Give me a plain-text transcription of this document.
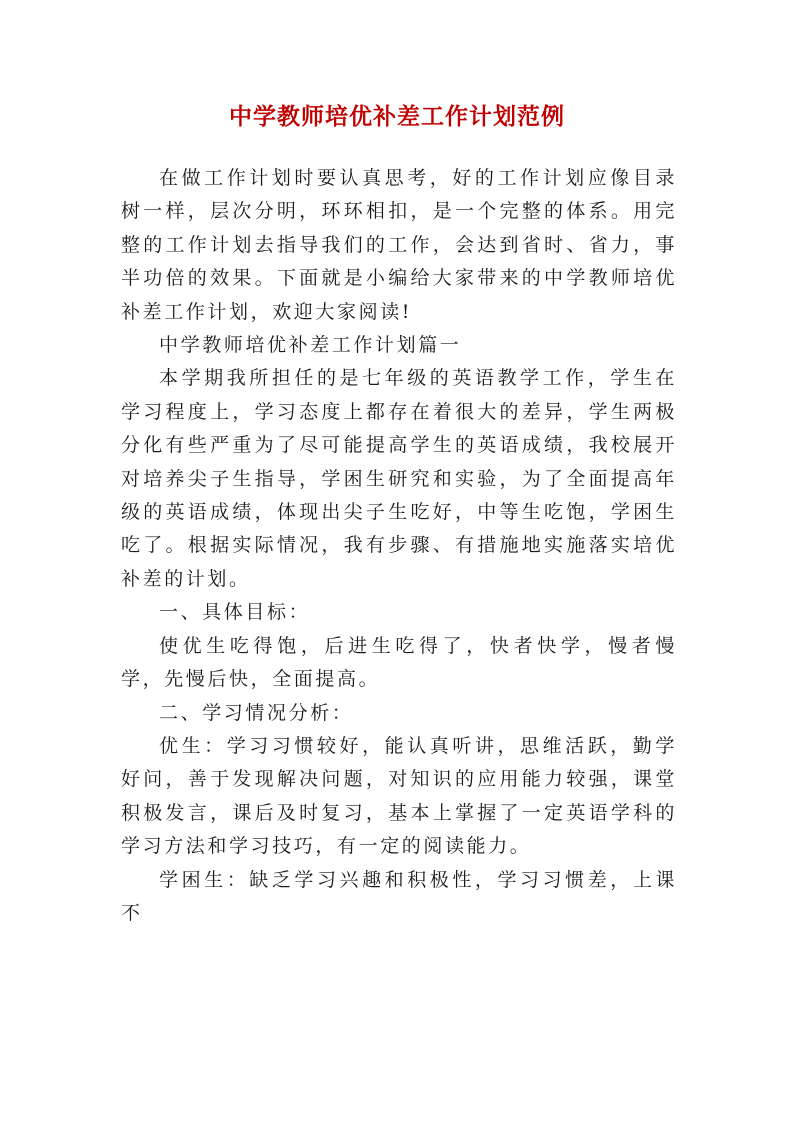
中学教师培优补差工作计划范例

在做工作计划时要认真思考，好的工作计划应像目录树一样，层次分明，环环相扣，是一个完整的体系。用完整的工作计划去指导我们的工作，会达到省时、省力，事半功倍的效果。下面就是小编给大家带来的中学教师培优补差工作计划，欢迎大家阅读!

中学教师培优补差工作计划篇一

本学期我所担任的是七年级的英语教学工作，学生在学习程度上，学习态度上都存在着很大的差异，学生两极分化有些严重为了尽可能提高学生的英语成绩，我校展开对培养尖子生指导，学困生研究和实验，为了全面提高年级的英语成绩，体现出尖子生吃好，中等生吃饱，学困生吃了。根据实际情况，我有步骤、有措施地实施落实培优补差的计划。

一、具体目标：

使优生吃得饱，后进生吃得了，快者快学，慢者慢学，先慢后快，全面提高。

二、学习情况分析：

优生：学习习惯较好，能认真听讲，思维活跃，勤学好问，善于发现解决问题，对知识的应用能力较强，课堂积极发言，课后及时复习，基本上掌握了一定英语学科的学习方法和学习技巧，有一定的阅读能力。

学困生：缺乏学习兴趣和积极性，学习习惯差，上课不
